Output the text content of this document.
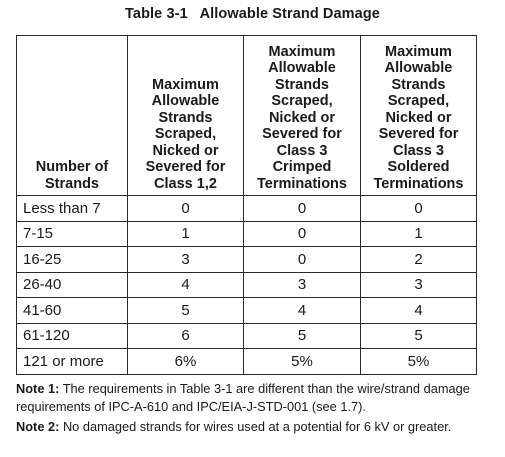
Table 3-1   Allowable Strand Damage
Number of Strands	Maximum Allowable Strands Scraped, Nicked or Severed for Class 1,2	Maximum Allowable Strands Scraped, Nicked or Severed for Class 3 Crimped Terminations	Maximum Allowable Strands Scraped, Nicked or Severed for Class 3 Soldered Terminations
Less than 7	0	0	0
7-15	1	0	1
16-25	3	0	2
26-40	4	3	3
41-60	5	4	4
61-120	6	5	5
121 or more	6%	5%	5%
Note 1: The requirements in Table 3-1 are different than the wire/strand damage requirements of IPC-A-610 and IPC/EIA-J-STD-001 (see 1.7).
Note 2: No damaged strands for wires used at a potential for 6 kV or greater.
